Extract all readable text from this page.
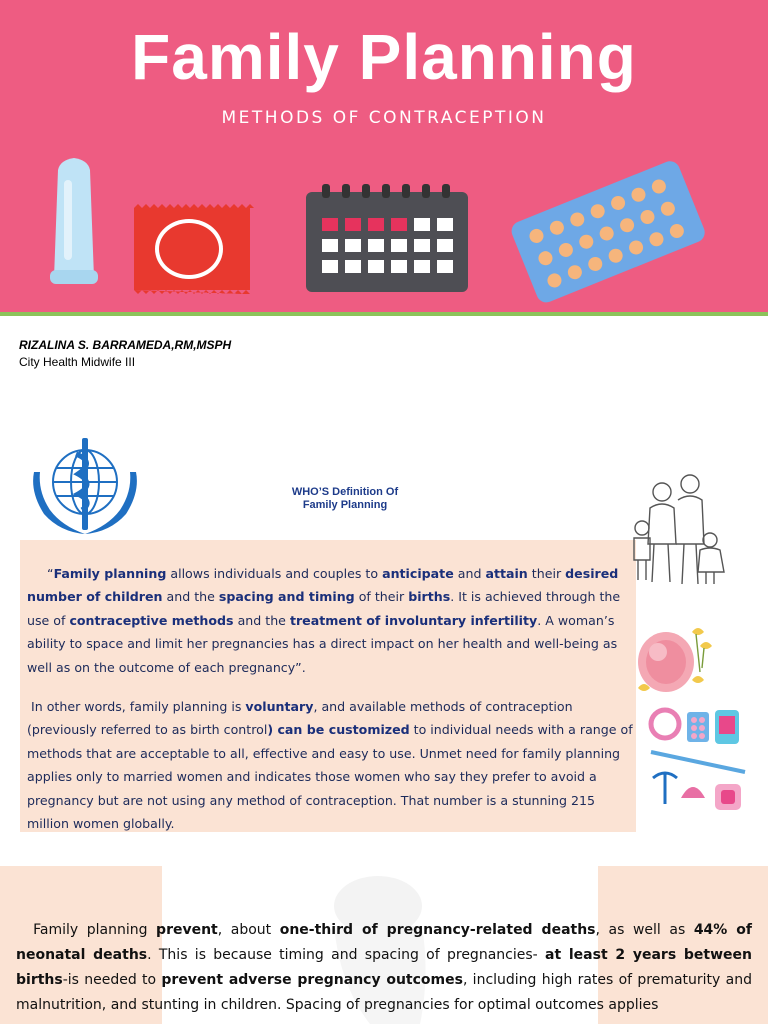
Family Planning
METHODS OF CONTRACEPTION
RIZALINA S. BARRAMEDA,RM,MSPH
City Health Midwife III
WHO’S Definition Of
Family Planning

“Family planning allows individuals and couples to anticipate and attain their desired number of children and the spacing and timing of their births. It is achieved through the use of contraceptive methods and the treatment of involuntary infertility. A woman’s ability to space and limit her pregnancies has a direct impact on her health and well-being as well as on the outcome of each pregnancy”.

In other words, family planning is voluntary, and available methods of contraception (previously referred to as birth control) can be customized to individual needs with a range of methods that are acceptable to all, effective and easy to use. Unmet need for family planning applies only to married women and indicates those women who say they prefer to avoid a pregnancy but are not using any method of contraception. That number is a stunning 215 million women globally.

Family planning prevent, about one-third of pregnancy-related deaths, as well as 44% of neonatal deaths. This is because timing and spacing of pregnancies- at least 2 years between births-is needed to prevent adverse pregnancy outcomes, including high rates of prematurity and malnutrition, and stunting in children. Spacing of pregnancies for optimal outcomes applies
